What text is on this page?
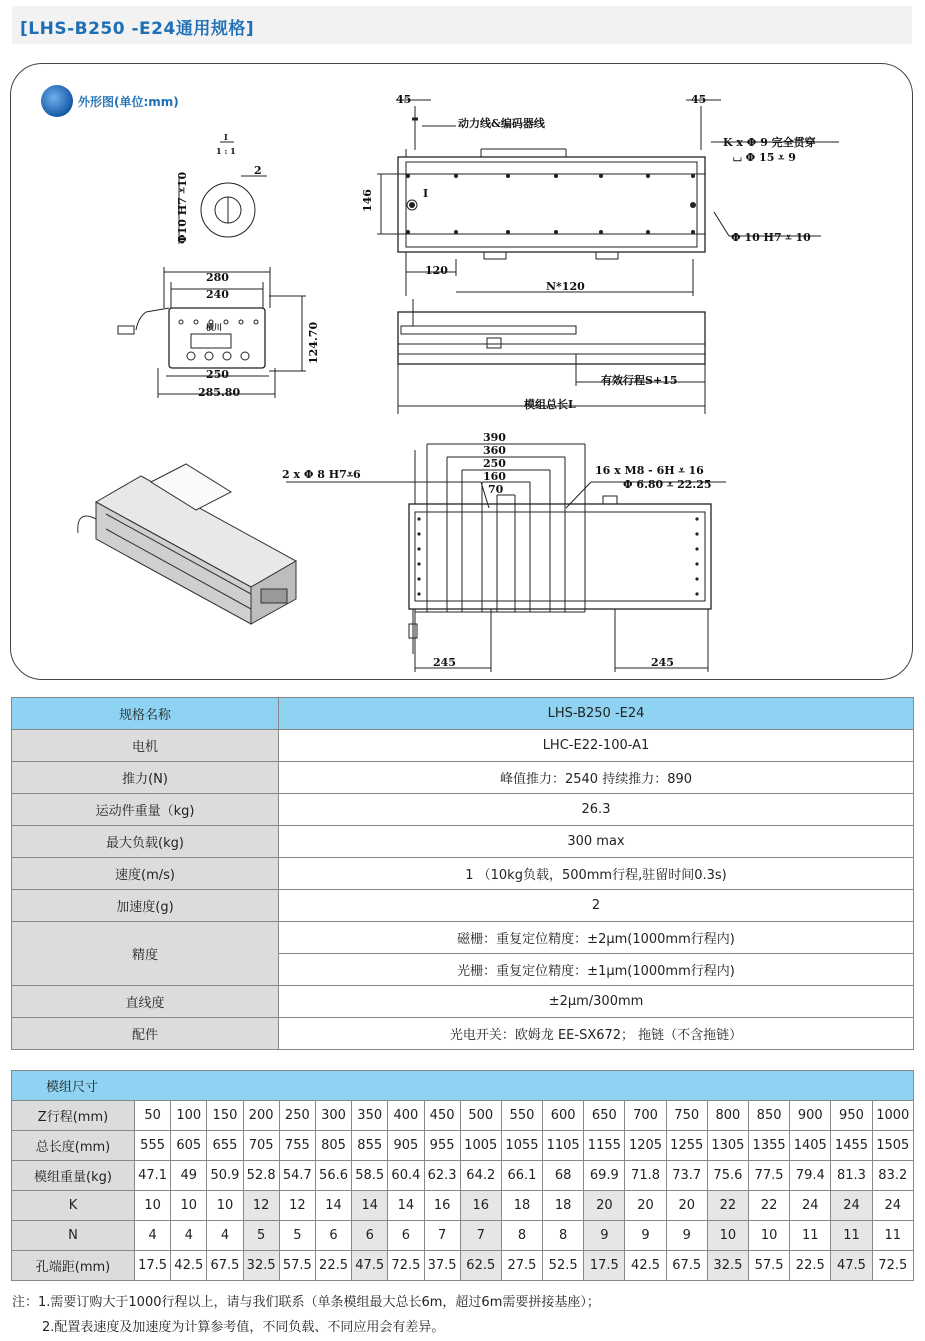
[LHS-B250 -E24通用规格]
外形图(单位:mm)	45	45
动力线&编码器线
K x Φ 9 完全贯穿
⌴ Φ 15 ⩡ 9
146
Φ 10 H7 ⩡ 10
120
N*120
I
I
1 : 1
2
Φ10 H7 ⩡10
280
240
124.70
横川
250
285.80
有效行程S+15
模组总长L
390
360
250
160
70
2 x Φ 8 H7⩡6	16 x M8 - 6H ⩡ 16
Φ 6.80 ⩡ 22.25
245	245
规格名称	LHS-B250 -E24
电机	LHC-E22-100-A1
推力(N)	峰值推力：2540 持续推力：890
运动件重量（kg)	26.3
最大负载(kg)	300 max
速度(m/s)	1 （10kg负载，500mm行程,驻留时间0.3s)
加速度(g)	2
精度	磁栅：重复定位精度：±2μm(1000mm行程内)
	光栅：重复定位精度：±1μm(1000mm行程内)
直线度	±2μm/300mm
配件	光电开关：欧姆龙 EE-SX672； 拖链（不含拖链）
模组尺寸																				
Z行程(mm)	50	100	150	200	250	300	350	400	450	500	550	600	650	700	750	800	850	900	950	1000
总长度(mm)	555	605	655	705	755	805	855	905	955	1005	1055	1105	1155	1205	1255	1305	1355	1405	1455	1505
模组重量(kg)	47.1	49	50.9	52.8	54.7	56.6	58.5	60.4	62.3	64.2	66.1	68	69.9	71.8	73.7	75.6	77.5	79.4	81.3	83.2
K	10	10	10	12	12	14	14	14	16	16	18	18	20	20	20	22	22	24	24	24
N	4	4	4	5	5	6	6	6	7	7	8	8	9	9	9	10	10	11	11	11
孔端距(mm)	17.5	42.5	67.5	32.5	57.5	22.5	47.5	72.5	37.5	62.5	27.5	52.5	17.5	42.5	67.5	32.5	57.5	22.5	47.5	72.5
注：1.需要订购大于1000行程以上，请与我们联系（单条模组最大总长6m，超过6m需要拼接基座）；
2.配置表速度及加速度为计算参考值，不同负载、不同应用会有差异。
